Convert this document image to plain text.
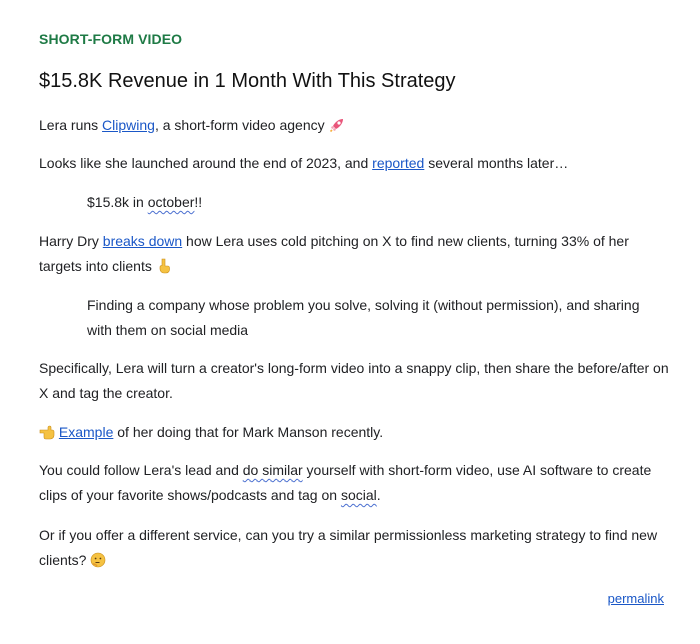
SHORT-FORM VIDEO
$15.8K Revenue in 1 Month With This Strategy

Lera runs Clipwing, a short-form video agency

Looks like she launched around the end of 2023, and reported several months later…

$15.8k in october!!

Harry Dry breaks down how Lera uses cold pitching on X to find new clients, turning 33% of her targets into clients

Finding a company whose problem you solve, solving it (without permission), and sharing with them on social media

Specifically, Lera will turn a creator's long-form video into a snappy clip, then share the before/after on X and tag the creator.

Example of her doing that for Mark Manson recently.

You could follow Lera's lead and do similar yourself with short-form video, use AI software to create clips of your favorite shows/podcasts and tag on social.

Or if you offer a different service, can you try a similar permissionless marketing strategy to find new clients?

permalink
